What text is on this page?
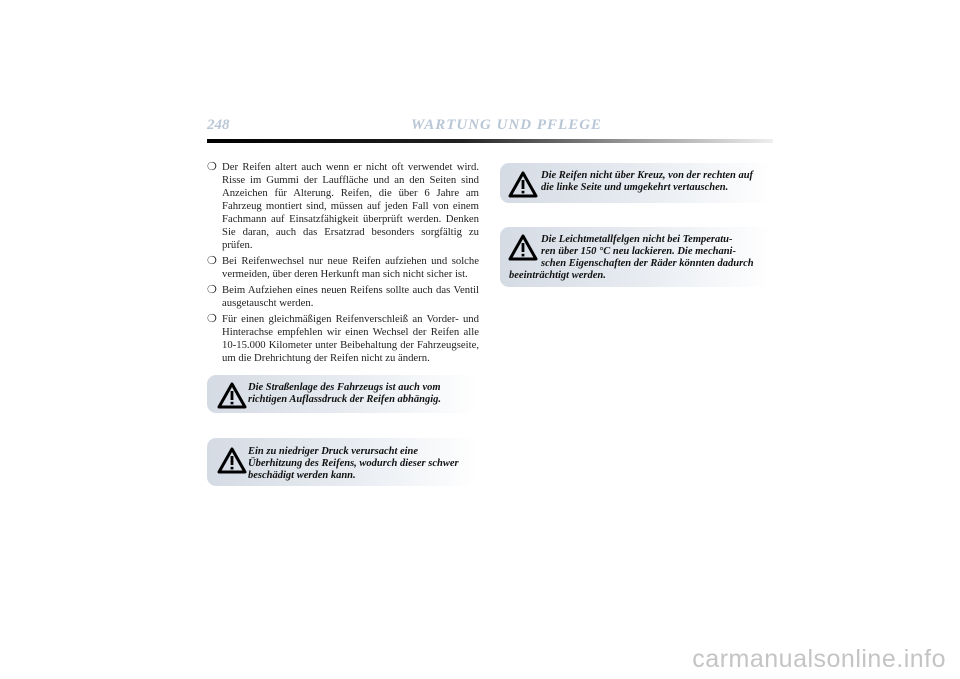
248	WARTUNG UND PFLEGE
❍ Der Reifen altert auch wenn er nicht oft verwendet wird. Risse im Gummi der Lauffläche und an den Seiten sind Anzeichen für Alterung. Reifen, die über 6 Jahre am Fahrzeug montiert sind, müssen auf jeden Fall von einem Fachmann auf Einsatzfähigkeit überprüft werden. Denken Sie daran, auch das Ersatzrad besonders sorgfältig zu prüfen.
❍ Bei Reifenwechsel nur neue Reifen aufziehen und solche vermeiden, über deren Herkunft man sich nicht sicher ist.
❍ Beim Aufziehen eines neuen Reifens sollte auch das Ventil ausgetauscht werden.
❍ Für einen gleichmäßigen Reifenverschleiß an Vorder- und Hinterachse empfehlen wir einen Wechsel der Reifen alle 10-15.000 Kilometer unter Beibehaltung der Fahrzeugseite, um die Drehrichtung der Reifen nicht zu ändern.
Die Straßenlage des Fahrzeugs ist auch vom richtigen Auflassdruck der Reifen abhängig.
Ein zu niedriger Druck verursacht eine Überhitzung des Reifens, wodurch dieser schwer beschädigt werden kann.
Die Reifen nicht über Kreuz, von der rechten auf die linke Seite und umgekehrt vertauschen.
Die Leichtmetallfelgen nicht bei Temperatu-
ren über 150 °C neu lackieren. Die mechani-
schen Eigenschaften der Räder könnten dadurch
beeinträchtigt werden.
carmanualsonline.info
